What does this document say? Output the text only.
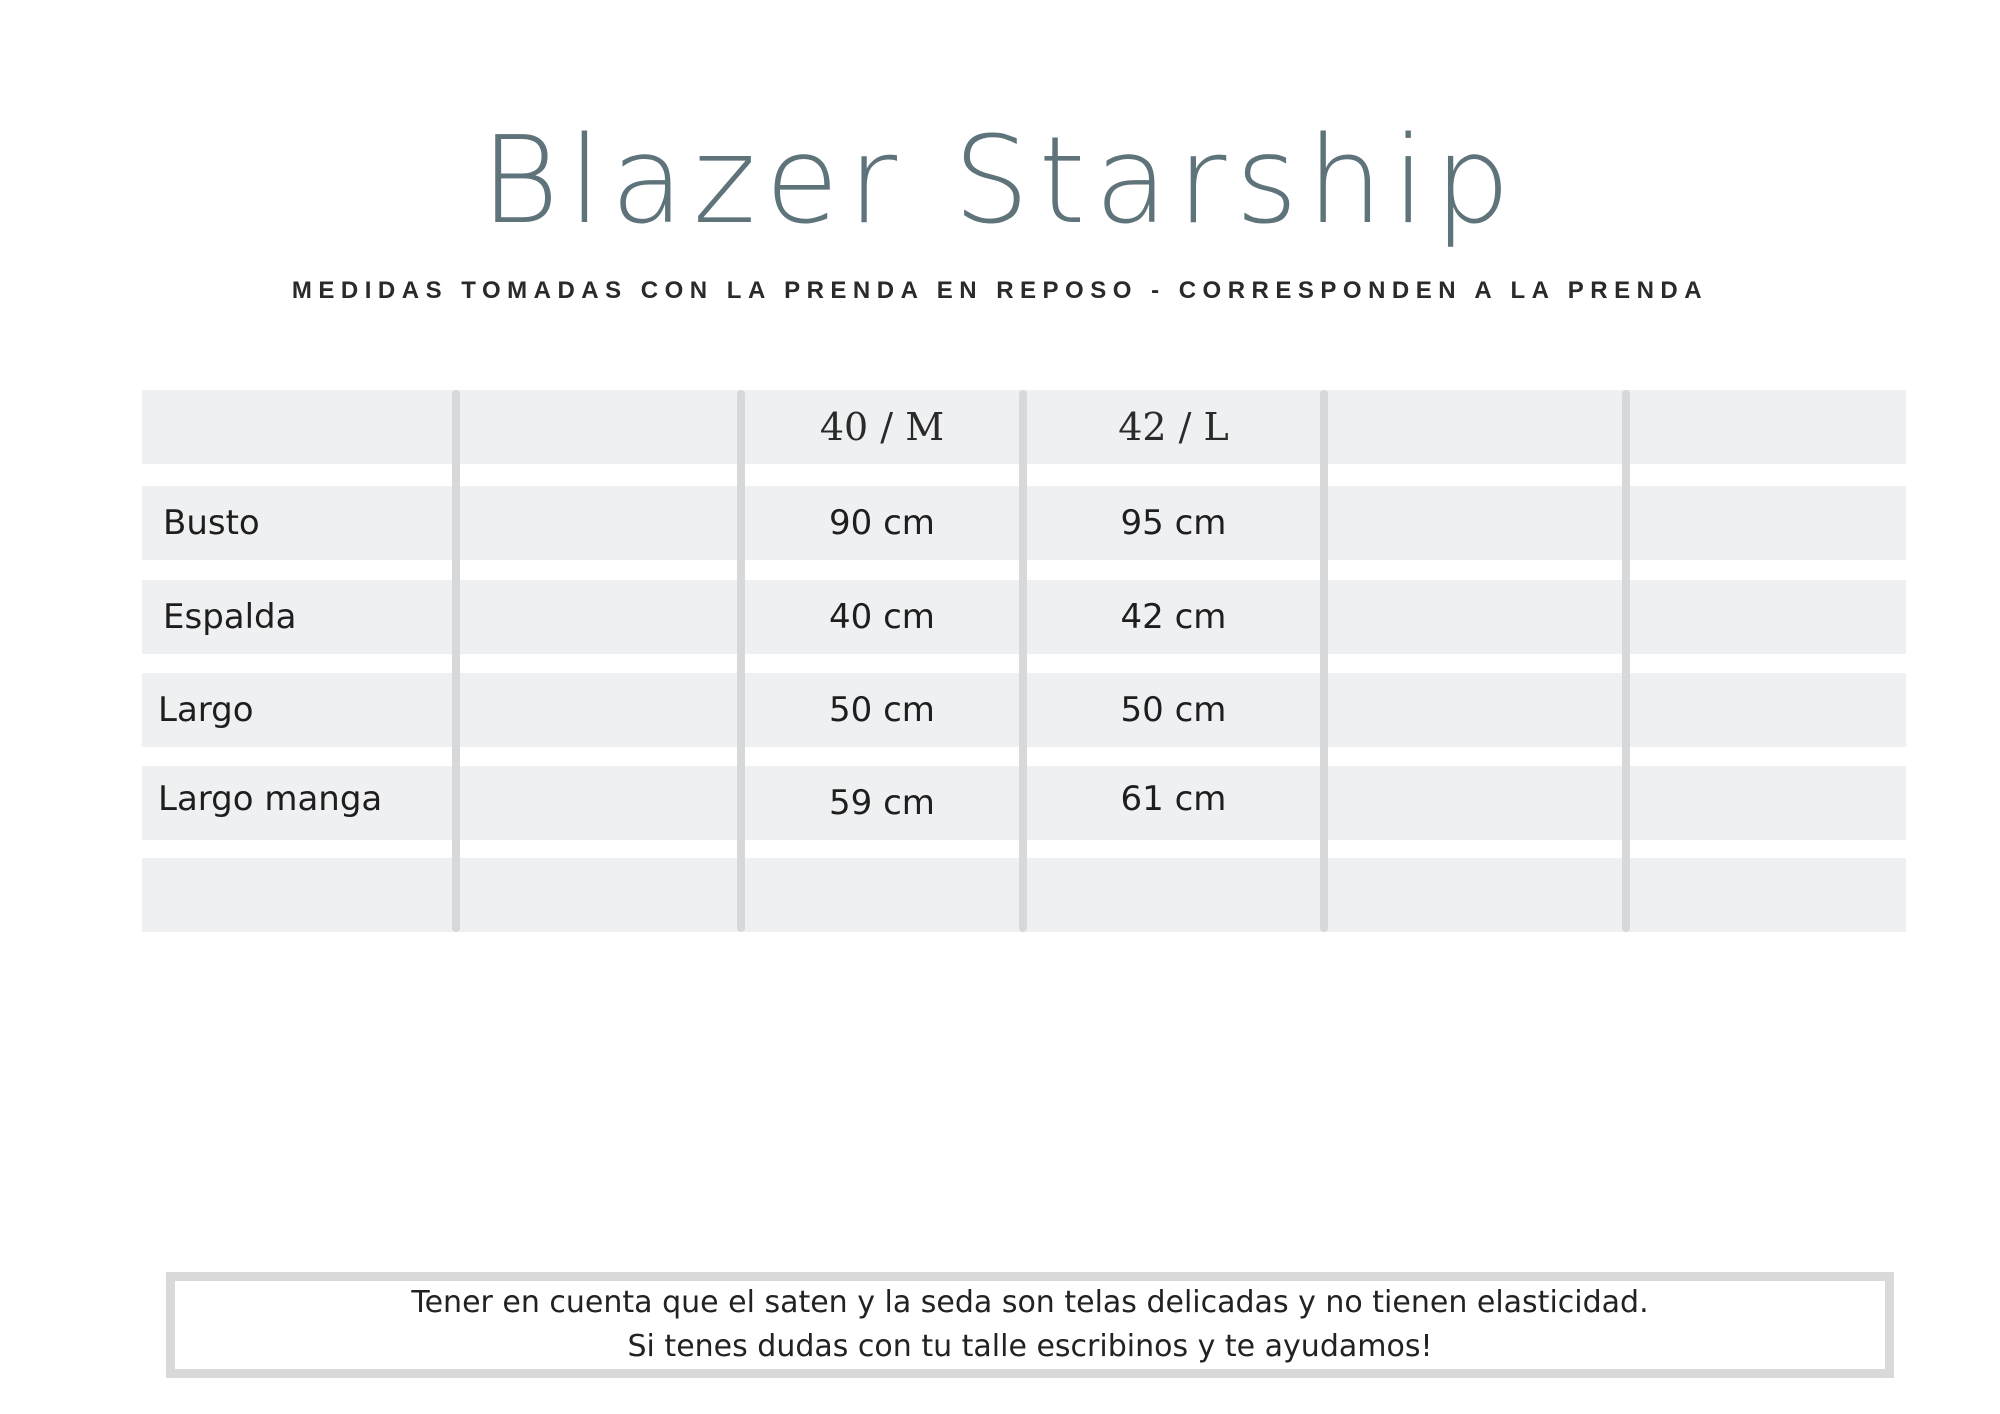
Blazer Starship
MEDIDAS TOMADAS CON LA PRENDA EN REPOSO - CORRESPONDEN A LA PRENDA
40 / M	42 / L
Busto	90 cm	95 cm
Espalda	40 cm	42 cm
Largo	50 cm	50 cm
Largo manga	59 cm	61 cm
Tener en cuenta que el saten y la seda son telas delicadas y no tienen elasticidad.
Si tenes dudas con tu talle escribinos y te ayudamos!
